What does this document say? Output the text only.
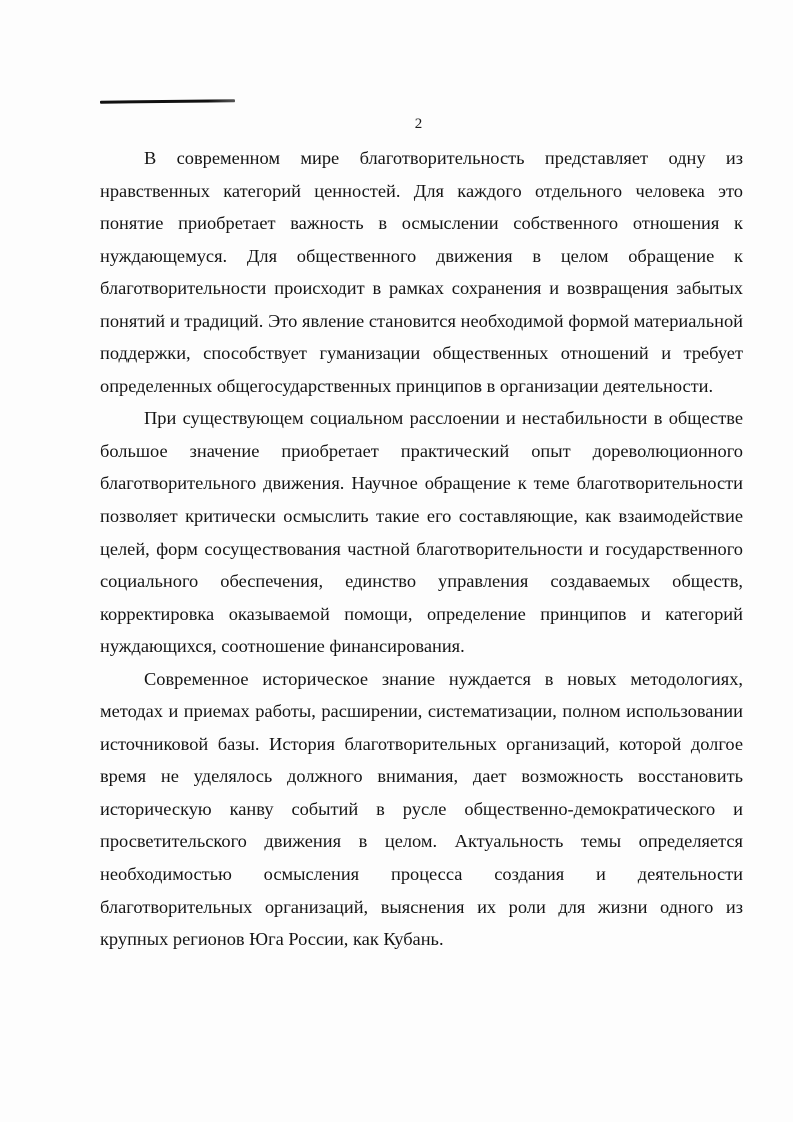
2

В современном мире благотворительность представляет одну из нравственных категорий ценностей. Для каждого отдельного человека это понятие приобретает важность в осмыслении собственного отношения к нуждающемуся. Для общественного движения в целом обращение к благотворительности происходит в рамках сохранения и возвращения забытых понятий и традиций. Это явление становится необходимой формой материальной поддержки, способствует гуманизации общественных отношений и требует определенных общегосударственных принципов в организации деятельности.

При существующем социальном расслоении и нестабильности в обществе большое значение приобретает практический опыт дореволюционного благотворительного движения. Научное обращение к теме благотворительности позволяет критически осмыслить такие его составляющие, как взаимодействие целей, форм сосуществования частной благотворительности и государственного социального обеспечения, единство управления создаваемых обществ, корректировка оказываемой помощи, определение принципов и категорий нуждающихся, соотношение финансирования.

Современное историческое знание нуждается в новых методологиях, методах и приемах работы, расширении, систематизации, полном использовании источниковой базы. История благотворительных организаций, которой долгое время не уделялось должного внимания, дает возможность восстановить историческую канву событий в русле общественно-демократического и просветительского движения в целом. Актуальность темы определяется необходимостью осмысления процесса создания и деятельности благотворительных организаций, выяснения их роли для жизни одного из крупных регионов Юга России, как Кубань.
